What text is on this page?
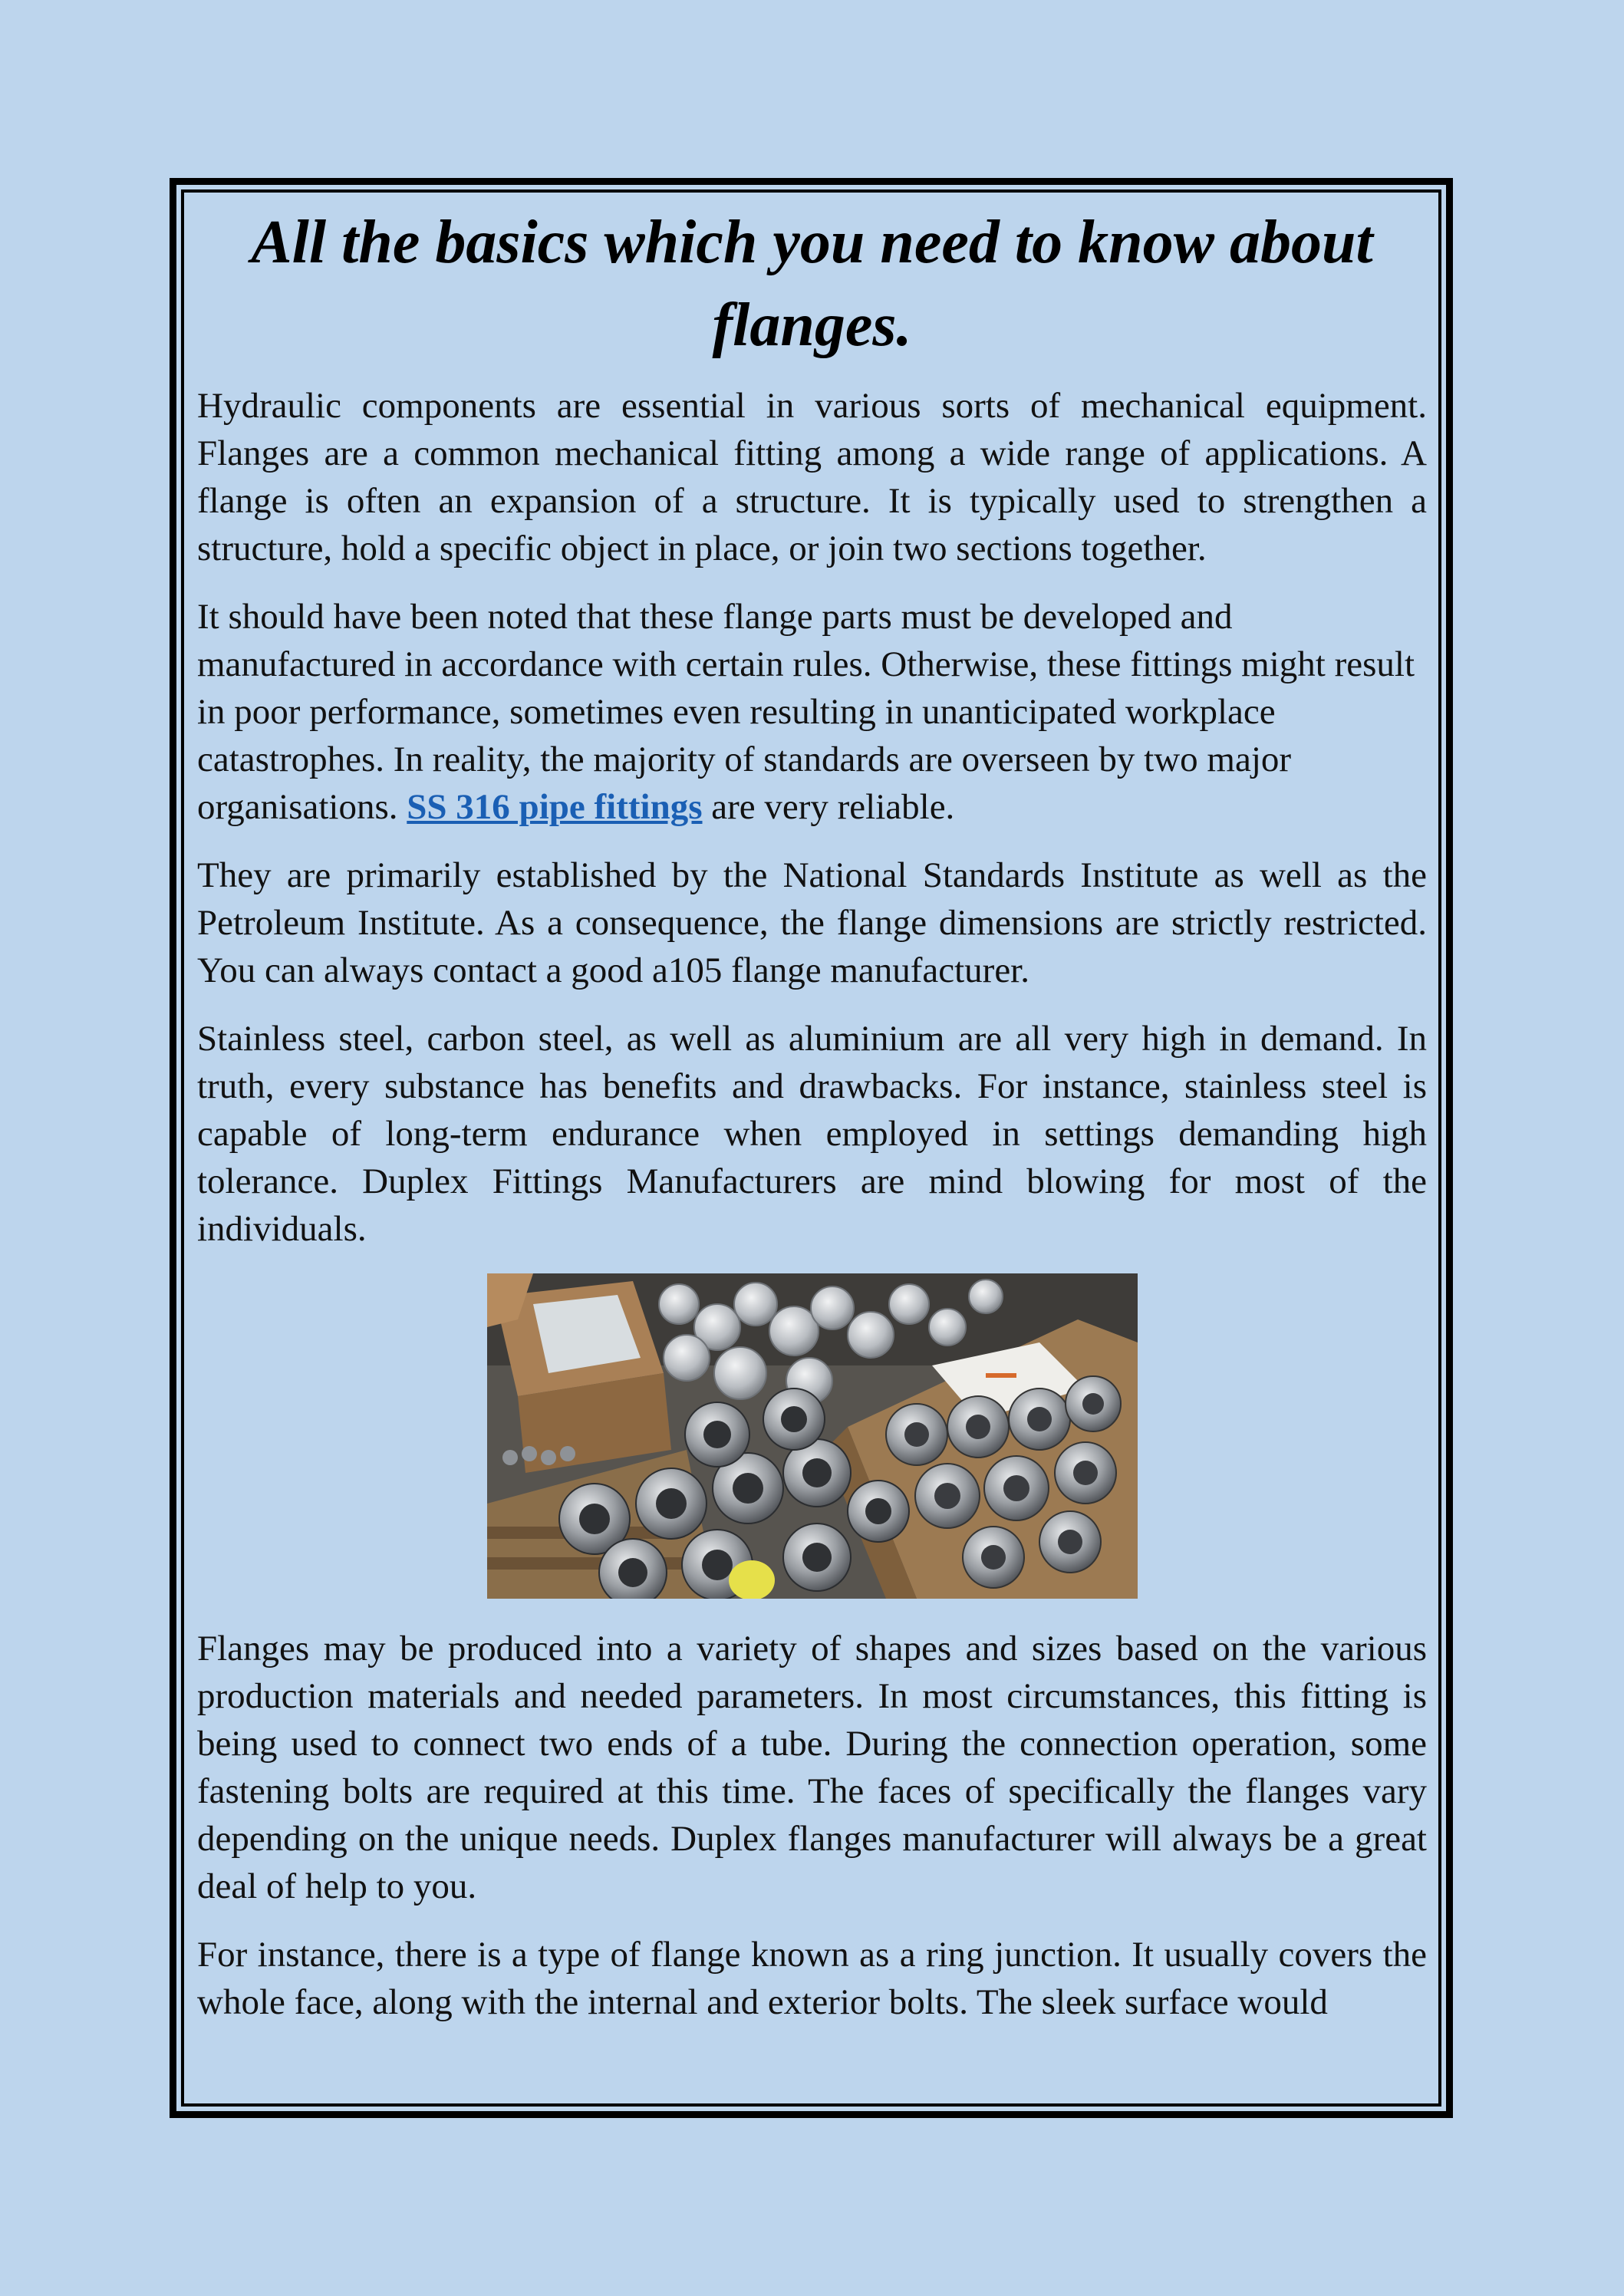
All the basics which you need to know about flanges.

Hydraulic components are essential in various sorts of mechanical equipment. Flanges are a common mechanical fitting among a wide range of applications. A flange is often an expansion of a structure. It is typically used to strengthen a structure, hold a specific object in place, or join two sections together.

It should have been noted that these flange parts must be developed and manufactured in accordance with certain rules. Otherwise, these fittings might result in poor performance, sometimes even resulting in unanticipated workplace catastrophes. In reality, the majority of standards are overseen by two major organisations. SS 316 pipe fittings are very reliable.

They are primarily established by the National Standards Institute as well as the Petroleum Institute. As a consequence, the flange dimensions are strictly restricted. You can always contact a good a105 flange manufacturer.

Stainless steel, carbon steel, as well as aluminium are all very high in demand. In truth, every substance has benefits and drawbacks. For instance, stainless steel is capable of long-term endurance when employed in settings demanding high tolerance. Duplex Fittings Manufacturers are mind blowing for most of the individuals.

Flanges may be produced into a variety of shapes and sizes based on the various production materials and needed parameters. In most circumstances, this fitting is being used to connect two ends of a tube. During the connection operation, some fastening bolts are required at this time. The faces of specifically the flanges vary depending on the unique needs. Duplex flanges manufacturer will always be a great deal of help to you.

For instance, there is a type of flange known as a ring junction. It usually covers the whole face, along with the internal and exterior bolts. The sleek surface would
